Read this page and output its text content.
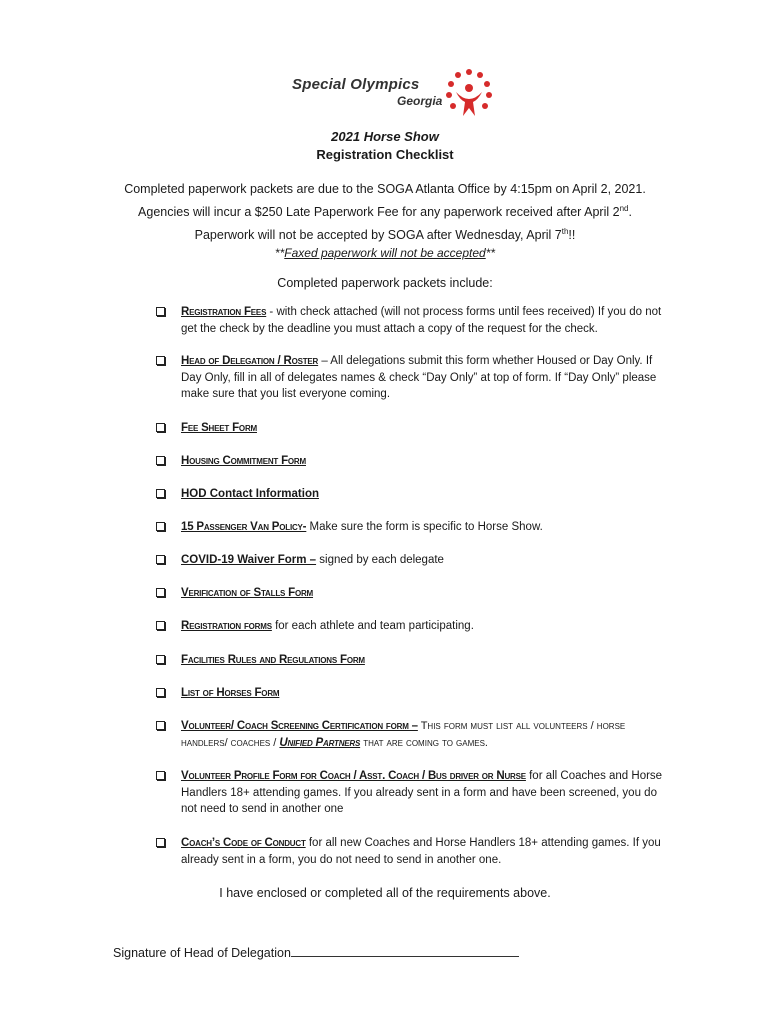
Special Olympics
Georgia
2021 Horse Show
Registration Checklist
Completed paperwork packets are due to the SOGA Atlanta Office by 4:15pm on April 2, 2021.
Agencies will incur a $250 Late Paperwork Fee for any paperwork received after April 2nd.
Paperwork will not be accepted by SOGA after Wednesday, April 7th!!
**Faxed paperwork will not be accepted**
Completed paperwork packets include:
Registration Fees - with check attached (will not process forms until fees received) If you do not get the check by the deadline you must attach a copy of the request for the check.
Head of Delegation / Roster – All delegations submit this form whether Housed or Day Only. If Day Only, fill in all of delegates names & check “Day Only” at top of form. If “Day Only” please make sure that you list everyone coming.
Fee Sheet Form
Housing Commitment Form
HOD Contact Information
15 Passenger Van Policy- Make sure the form is specific to Horse Show.
COVID-19 Waiver Form – signed by each delegate
Verification of Stalls Form
Registration forms for each athlete and team participating.
Facilities Rules and Regulations Form
List of Horses Form
Volunteer/ Coach Screening Certification form – This form must list all volunteers / horse handlers/ coaches / Unified Partners that are coming to games.
Volunteer Profile Form for Coach / Asst. Coach / Bus driver or Nurse for all Coaches and Horse Handlers 18+ attending games. If you already sent in a form and have been screened, you do not need to send in another one
Coach’s Code of Conduct for all new Coaches and Horse Handlers 18+ attending games. If you already sent in a form, you do not need to send in another one.
I have enclosed or completed all of the requirements above.
Signature of Head of Delegation
